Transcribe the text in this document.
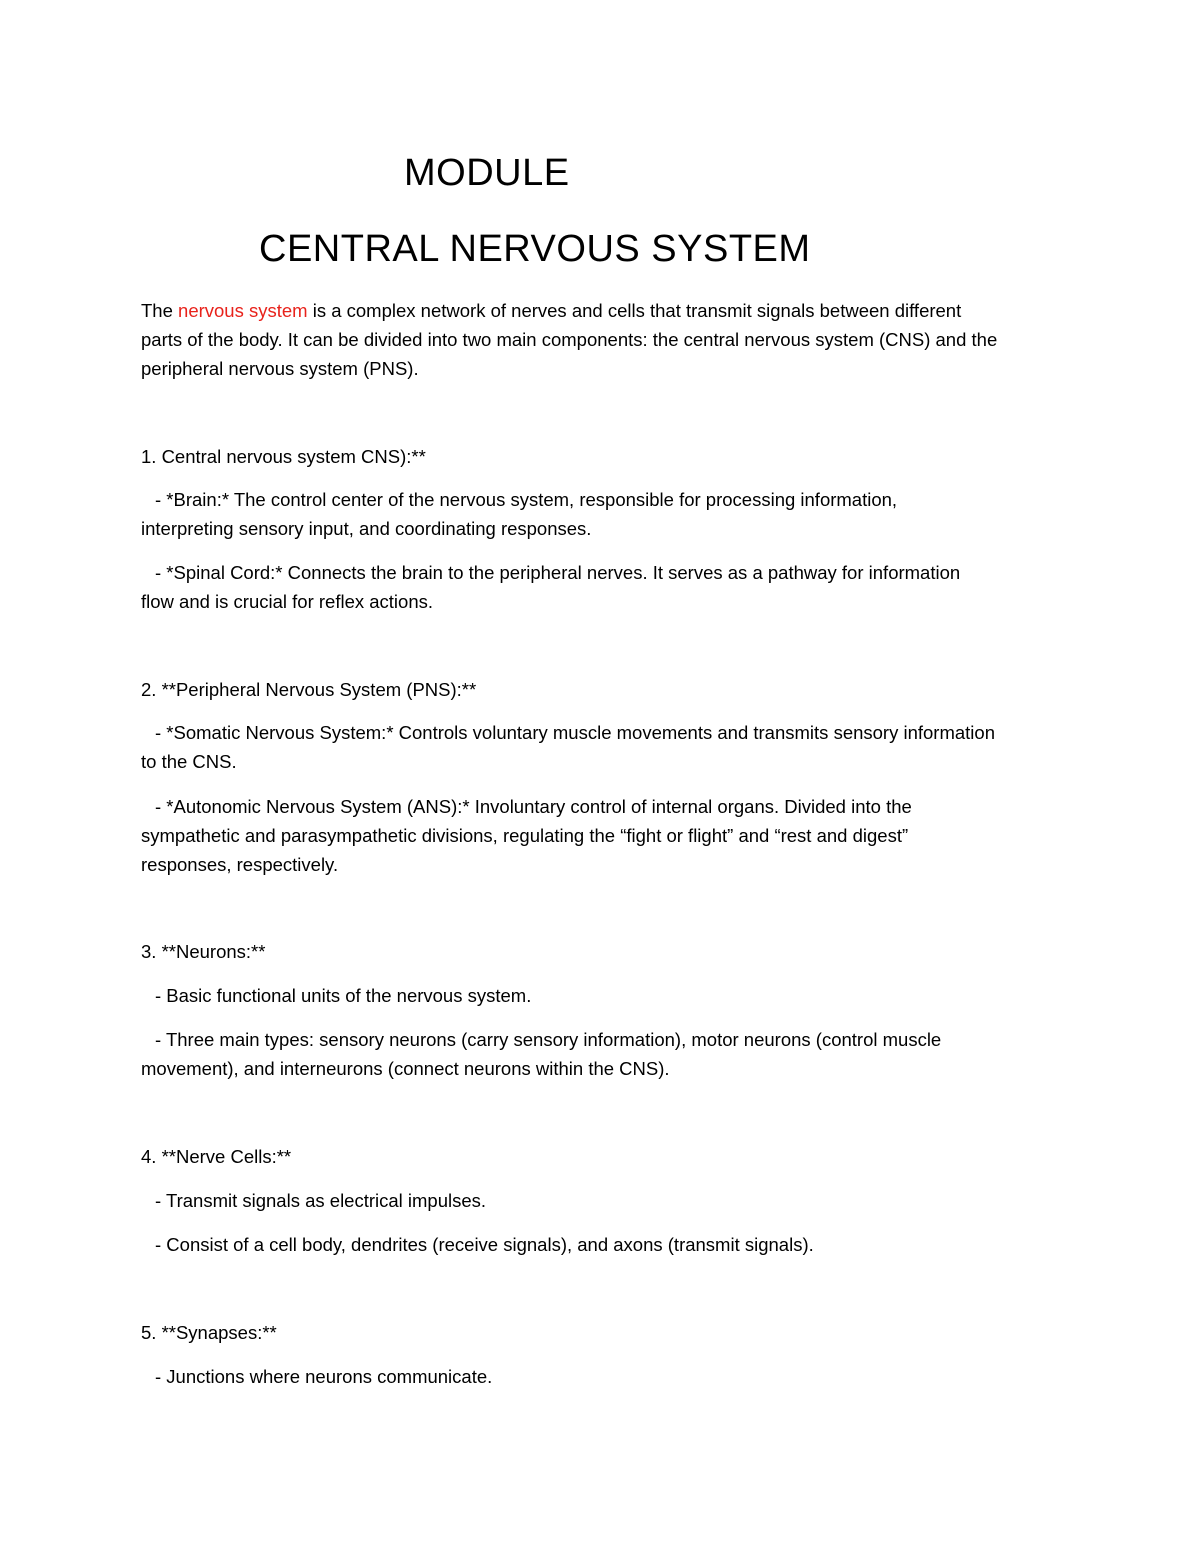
MODULE
CENTRAL NERVOUS SYSTEM
The nervous system is a complex network of nerves and cells that transmit signals between different
parts of the body. It can be divided into two main components: the central nervous system (CNS) and the
peripheral nervous system (PNS).
1. Central nervous system CNS):**
- *Brain:* The control center of the nervous system, responsible for processing information,
interpreting sensory input, and coordinating responses.
- *Spinal Cord:* Connects the brain to the peripheral nerves. It serves as a pathway for information
flow and is crucial for reflex actions.
2. **Peripheral Nervous System (PNS):**
- *Somatic Nervous System:* Controls voluntary muscle movements and transmits sensory information
to the CNS.
- *Autonomic Nervous System (ANS):* Involuntary control of internal organs. Divided into the
sympathetic and parasympathetic divisions, regulating the “fight or flight” and “rest and digest”
responses, respectively.
3. **Neurons:**
- Basic functional units of the nervous system.
- Three main types: sensory neurons (carry sensory information), motor neurons (control muscle
movement), and interneurons (connect neurons within the CNS).
4. **Nerve Cells:**
- Transmit signals as electrical impulses.
- Consist of a cell body, dendrites (receive signals), and axons (transmit signals).
5. **Synapses:**
- Junctions where neurons communicate.
